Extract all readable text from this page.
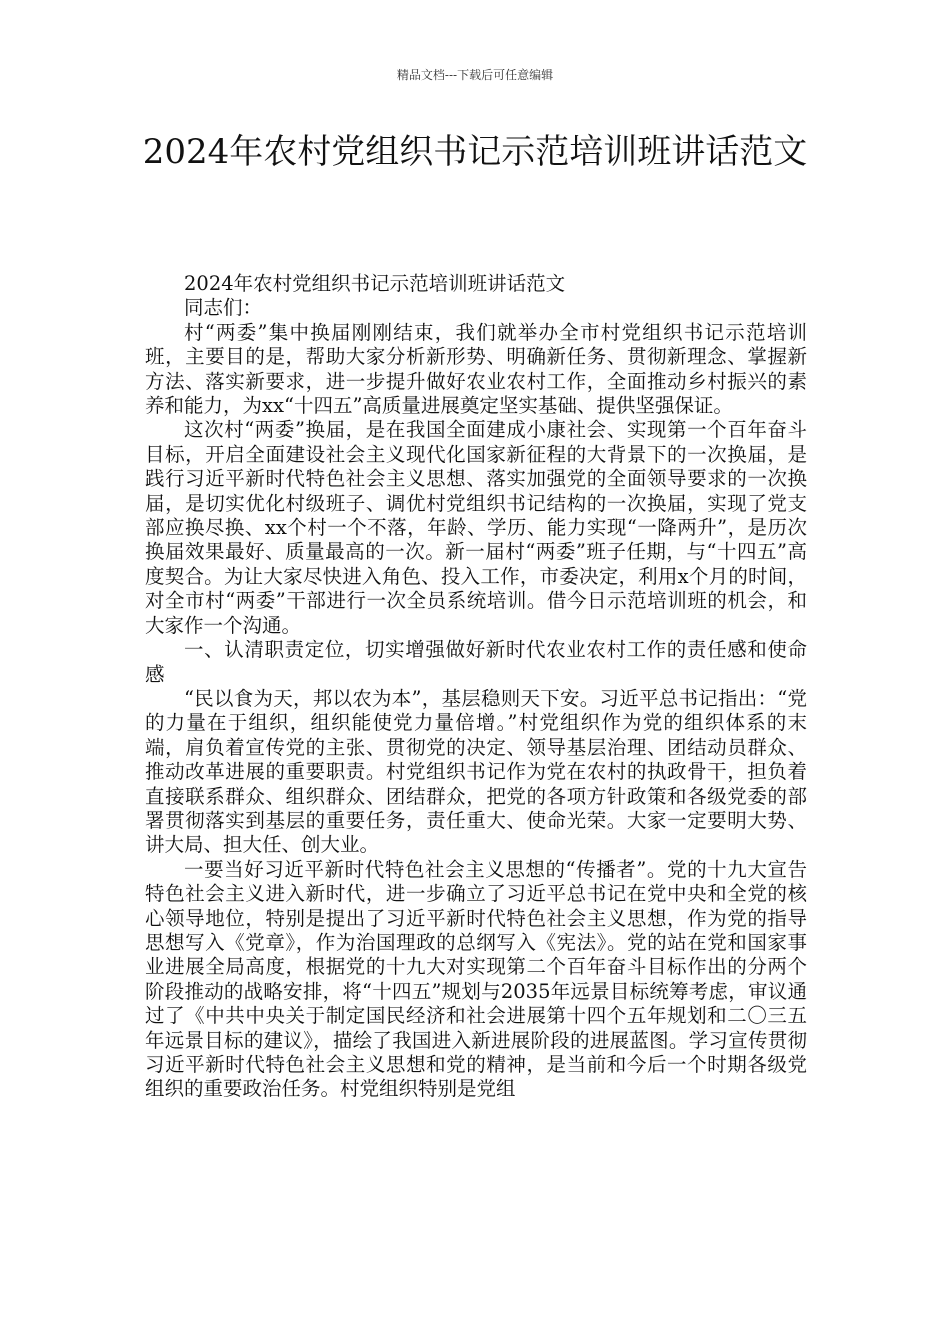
精品文档---下载后可任意编辑
2024年农村党组织书记示范培训班讲话范文

2024年农村党组织书记示范培训班讲话范文

同志们：

村“两委”集中换届刚刚结束，我们就举办全市村党组织书记示范培训班，主要目的是，帮助大家分析新形势、明确新任务、贯彻新理念、掌握新方法、落实新要求，进一步提升做好农业农村工作，全面推动乡村振兴的素养和能力，为xx“十四五”高质量进展奠定坚实基础、提供坚强保证。

这次村“两委”换届，是在我国全面建成小康社会、实现第一个百年奋斗目标，开启全面建设社会主义现代化国家新征程的大背景下的一次换届，是践行习近平新时代特色社会主义思想、落实加强党的全面领导要求的一次换届，是切实优化村级班子、调优村党组织书记结构的一次换届，实现了党支部应换尽换、xx个村一个不落，年龄、学历、能力实现“一降两升”，是历次换届效果最好、质量最高的一次。新一届村“两委”班子任期，与“十四五”高度契合。为让大家尽快进入角色、投入工作，市委决定，利用x个月的时间，对全市村“两委”干部进行一次全员系统培训。借今日示范培训班的机会，和大家作一个沟通。

一、认清职责定位，切实增强做好新时代农业农村工作的责任感和使命感

“民以食为天，邦以农为本”，基层稳则天下安。习近平总书记指出：“党的力量在于组织，组织能使党力量倍增。”村党组织作为党的组织体系的末端，肩负着宣传党的主张、贯彻党的决定、领导基层治理、团结动员群众、推动改革进展的重要职责。村党组织书记作为党在农村的执政骨干，担负着直接联系群众、组织群众、团结群众，把党的各项方针政策和各级党委的部署贯彻落实到基层的重要任务，责任重大、使命光荣。大家一定要明大势、讲大局、担大任、创大业。

一要当好习近平新时代特色社会主义思想的“传播者”。党的十九大宣告特色社会主义进入新时代，进一步确立了习近平总书记在党中央和全党的核心领导地位，特别是提出了习近平新时代特色社会主义思想，作为党的指导思想写入《党章》，作为治国理政的总纲写入《宪法》。党的站在党和国家事业进展全局高度，根据党的十九大对实现第二个百年奋斗目标作出的分两个阶段推动的战略安排，将“十四五”规划与2035年远景目标统筹考虑，审议通过了《中共中央关于制定国民经济和社会进展第十四个五年规划和二〇三五年远景目标的建议》，描绘了我国进入新进展阶段的进展蓝图。学习宣传贯彻习近平新时代特色社会主义思想和党的精神，是当前和今后一个时期各级党组织的重要政治任务。村党组织特别是党组
